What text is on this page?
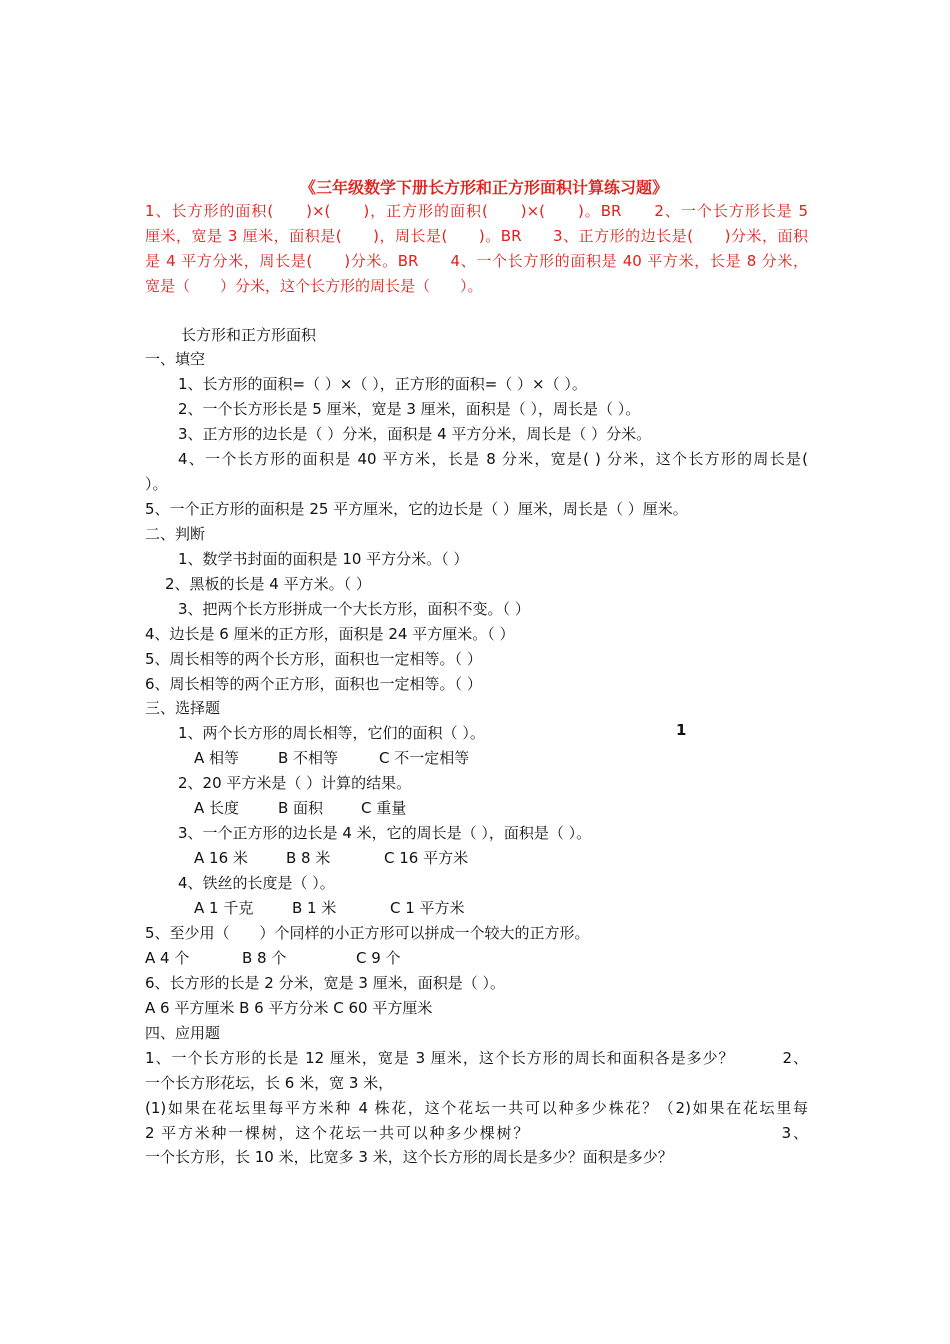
《三年级数学下册长方形和正方形面积计算练习题》

1、长方形的面积(　　)×(　　)，正方形的面积(　　)×(　　)。BR　　2、一个长方形长是 5

厘米，宽是 3 厘米，面积是(　　)，周长是(　　)。BR　　3、正方形的边长是(　　)分米，面积

是 4 平方分米，周长是(　　)分米。BR　　4、一个长方形的面积是 40 平方米，长是 8 分米，

宽是（　　）分米，这个长方形的周长是（　　）。

长方形和正方形面积
一、填空
1、长方形的面积=（ ）×（ ），正方形的面积=（ ）×（ ）。
2、一个长方形长是 5 厘米，宽是 3 厘米，面积是（ ），周长是（ ）。
3、正方形的边长是（ ）分米，面积是 4 平方分米，周长是（ ）分米。
4、一个长方形的面积是 40 平方米，长是 8 分米，宽是( ) 分米，这个长方形的周长是(
）。
5、一个正方形的面积是 25 平方厘米，它的边长是（ ）厘米，周长是（ ）厘米。
二、判断
1、数学书封面的面积是 10 平方分米。（ ）
2、黑板的长是 4 平方米。（ ）
3、把两个长方形拼成一个大长方形，面积不变。（ ）
4、边长是 6 厘米的正方形，面积是 24 平方厘米。（ ）
5、周长相等的两个长方形，面积也一定相等。（ ）
6、周长相等的两个正方形，面积也一定相等。（ ）
三、选择题
1、两个长方形的周长相等，它们的面积（ ）。	1
A 相等	B 不相等	C 不一定相等
2、20 平方米是（ ）计算的结果。
A 长度	B 面积	C 重量
3、一个正方形的边长是 4 米，它的周长是（ ），面积是（ ）。
A 16 米	B 8 米	C 16 平方米
4、铁丝的长度是（ ）。
A 1 千克	B 1 米	C 1 平方米
5、至少用（　　）个同样的小正方形可以拼成一个较大的正方形。
A 4 个	B 8 个	C 9 个
6、长方形的长是 2 分米，宽是 3 厘米，面积是（ ）。
A 6 平方厘米 B 6 平方分米 C 60 平方厘米
四、应用题
1、一个长方形的长是 12 厘米，宽是 3 厘米，这个长方形的周长和面积各是多少？　　　2、
一个长方形花坛，长 6 米，宽 3 米，
(1)如果在花坛里每平方米种 4 株花，这个花坛一共可以种多少株花？（2)如果在花坛里每
2 平方米种一棵树，这个花坛一共可以种多少棵树？　　　　　　　　　　　　　　　3、
一个长方形，长 10 米，比宽多 3 米，这个长方形的周长是多少？面积是多少？
